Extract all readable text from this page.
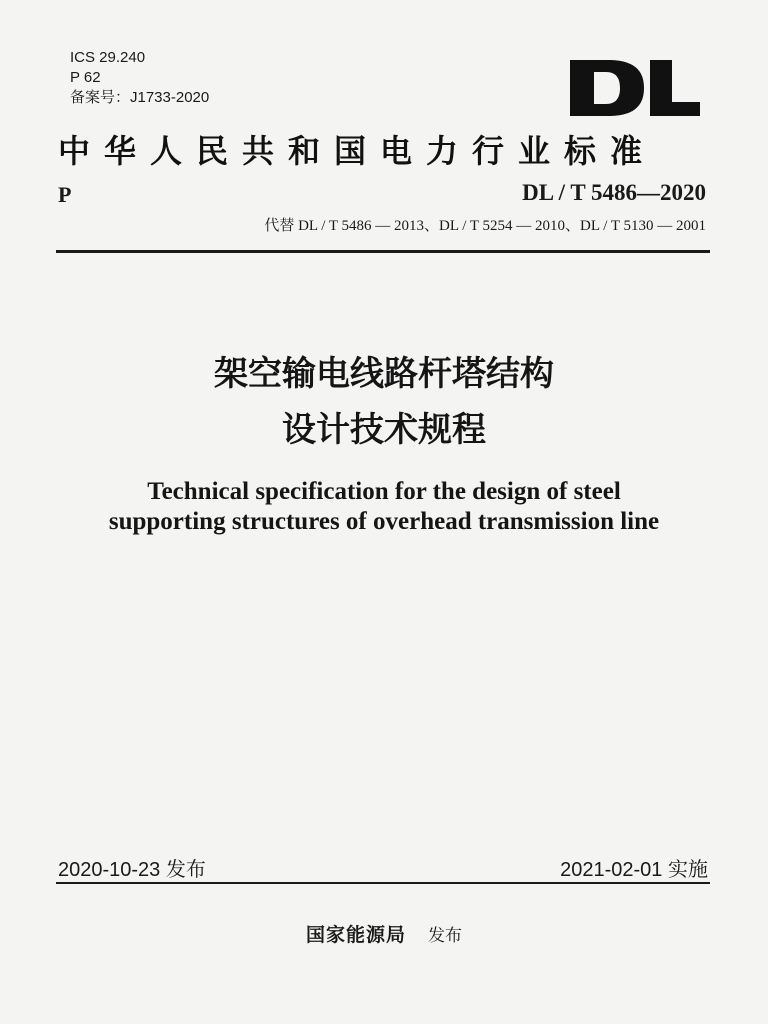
ICS 29.240
P 62
备案号：J1733-2020
中华人民共和国电力行业标准
P	DL / T 5486—2020
代替 DL / T 5486 — 2013、DL / T 5254 — 2010、DL / T 5130 — 2001
架空输电线路杆塔结构
设计技术规程
Technical specification for the design of steel
supporting structures of overhead transmission line
2020-10-23 发布	2021-02-01 实施
国家能源局 发布
